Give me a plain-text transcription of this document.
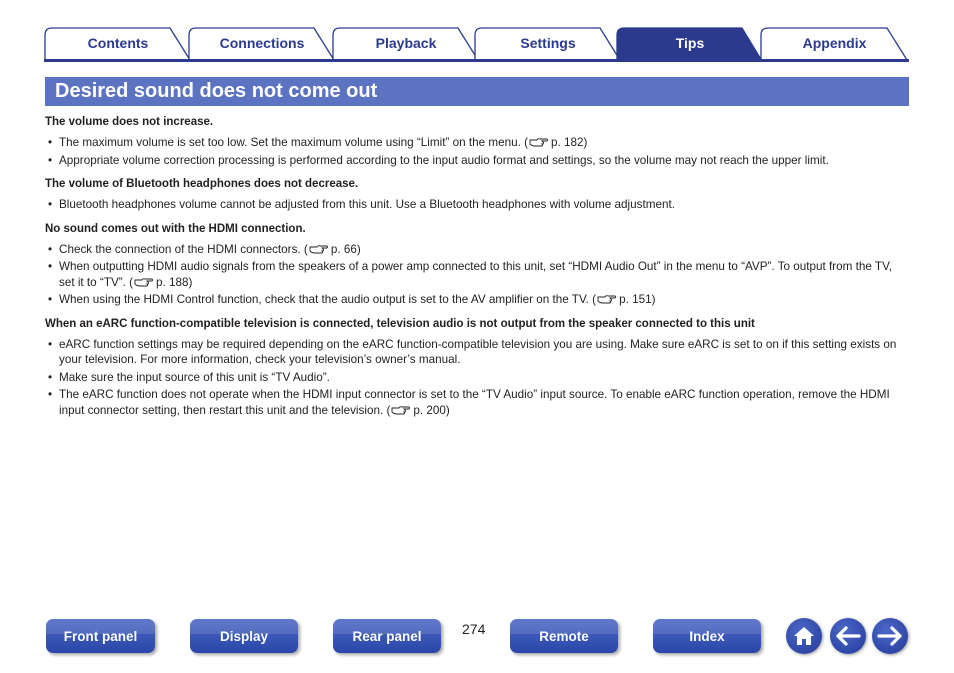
Contents	Connections	Playback	Settings	Tips	Appendix
Desired sound does not come out

The volume does not increase.

• The maximum volume is set too low. Set the maximum volume using “Limit” on the menu. ( p. 182)
• Appropriate volume correction processing is performed according to the input audio format and settings, so the volume may not reach the upper limit.

The volume of Bluetooth headphones does not decrease.

• Bluetooth headphones volume cannot be adjusted from this unit. Use a Bluetooth headphones with volume adjustment.

No sound comes out with the HDMI connection.

• Check the connection of the HDMI connectors. ( p. 66)
• When outputting HDMI audio signals from the speakers of a power amp connected to this unit, set “HDMI Audio Out” in the menu to “AVP”. To output from the TV, set it to “TV”. ( p. 188)
• When using the HDMI Control function, check that the audio output is set to the AV amplifier on the TV. ( p. 151)

When an eARC function-compatible television is connected, television audio is not output from the speaker connected to this unit

• eARC function settings may be required depending on the eARC function-compatible television you are using. Make sure eARC is set to on if this setting exists on your television. For more information, check your television’s owner’s manual.
• Make sure the input source of this unit is “TV Audio”.
• The eARC function does not operate when the HDMI input connector is set to the “TV Audio” input source. To enable eARC function operation, remove the HDMI input connector setting, then restart this unit and the television. ( p. 200)
Front panel	Display	Rear panel	274	Remote	Index
